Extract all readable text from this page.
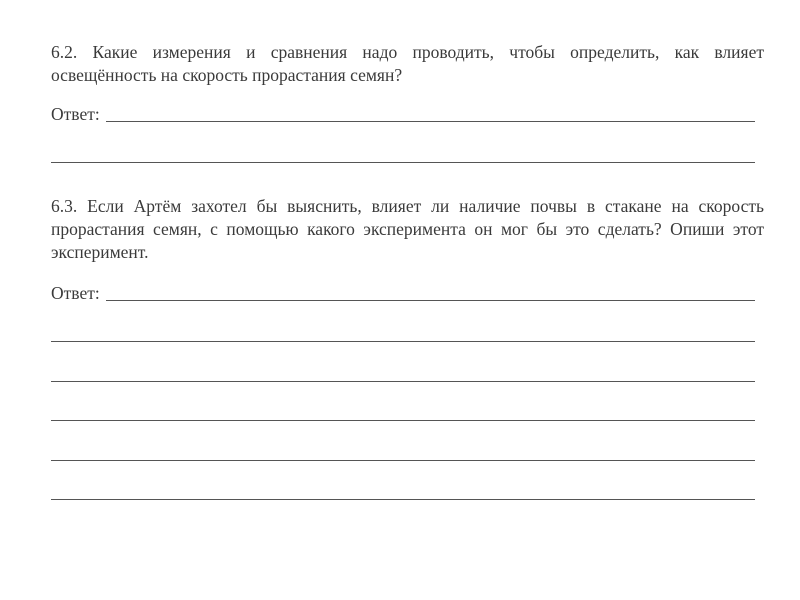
6.2. Какие измерения и сравнения надо проводить, чтобы определить, как влияет освещённость на скорость прорастания семян?

Ответ:

6.3. Если Артём захотел бы выяснить, влияет ли наличие почвы в стакане на скорость прорастания семян, с помощью какого эксперимента он мог бы это сделать? Опиши этот эксперимент.

Ответ:
